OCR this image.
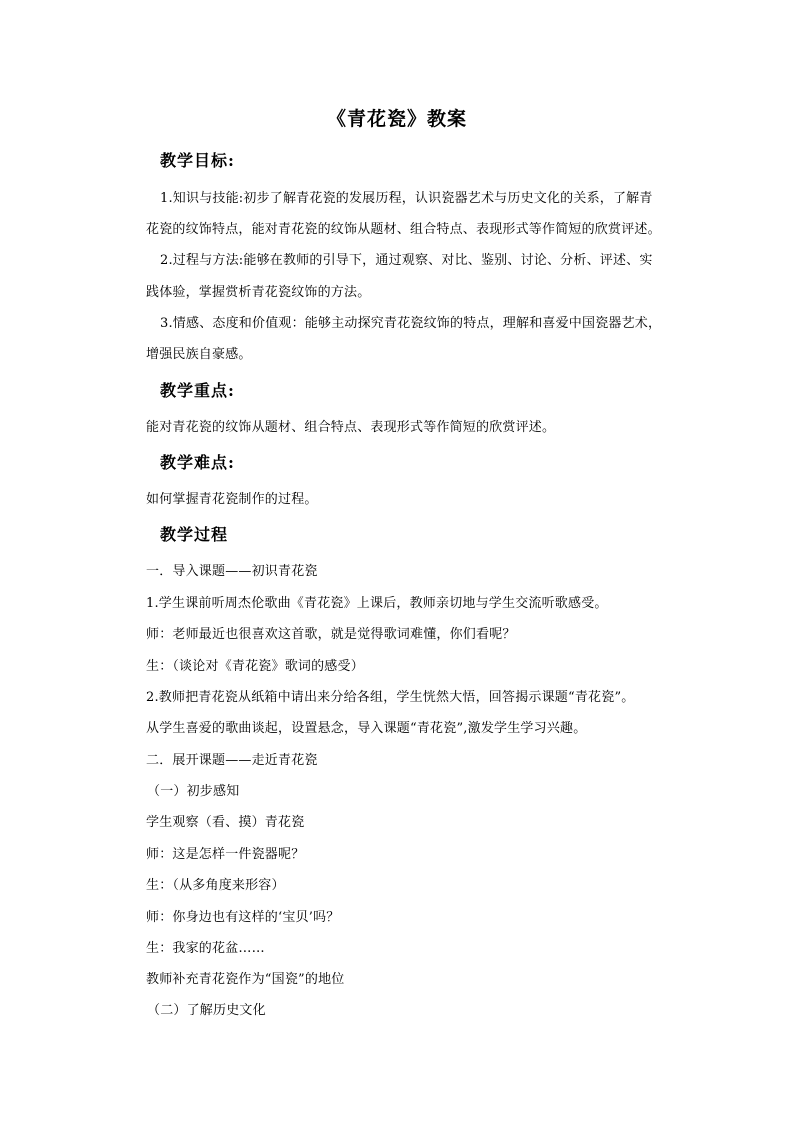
《青花瓷》教案
教学目标:
1.知识与技能:初步了解青花瓷的发展历程，认识瓷器艺术与历史文化的关系，了解青
花瓷的纹饰特点，能对青花瓷的纹饰从题材、组合特点、表现形式等作简短的欣赏评述。
2.过程与方法:能够在教师的引导下，通过观察、对比、鉴别、讨论、分析、评述、实
践体验，掌握赏析青花瓷纹饰的方法。
3.情感、态度和价值观：能够主动探究青花瓷纹饰的特点，理解和喜爱中国瓷器艺术，
增强民族自豪感。
教学重点:
能对青花瓷的纹饰从题材、组合特点、表现形式等作简短的欣赏评述。
教学难点:
如何掌握青花瓷制作的过程。
教学过程
一．导入课题——初识青花瓷
1.学生课前听周杰伦歌曲《青花瓷》上课后，教师亲切地与学生交流听歌感受。
师：老师最近也很喜欢这首歌，就是觉得歌词难懂，你们看呢？
生：（谈论对《青花瓷》歌词的感受）
2.教师把青花瓷从纸箱中请出来分给各组，学生恍然大悟，回答揭示课题“青花瓷”。
从学生喜爱的歌曲谈起，设置悬念，导入课题“青花瓷”,激发学生学习兴趣。
二．展开课题——走近青花瓷
（一）初步感知
学生观察（看、摸）青花瓷
师：这是怎样一件瓷器呢？
生：（从多角度来形容）
师：你身边也有这样的‘宝贝’吗？
生：我家的花盆……
教师补充青花瓷作为“国瓷”的地位
（二）了解历史文化
